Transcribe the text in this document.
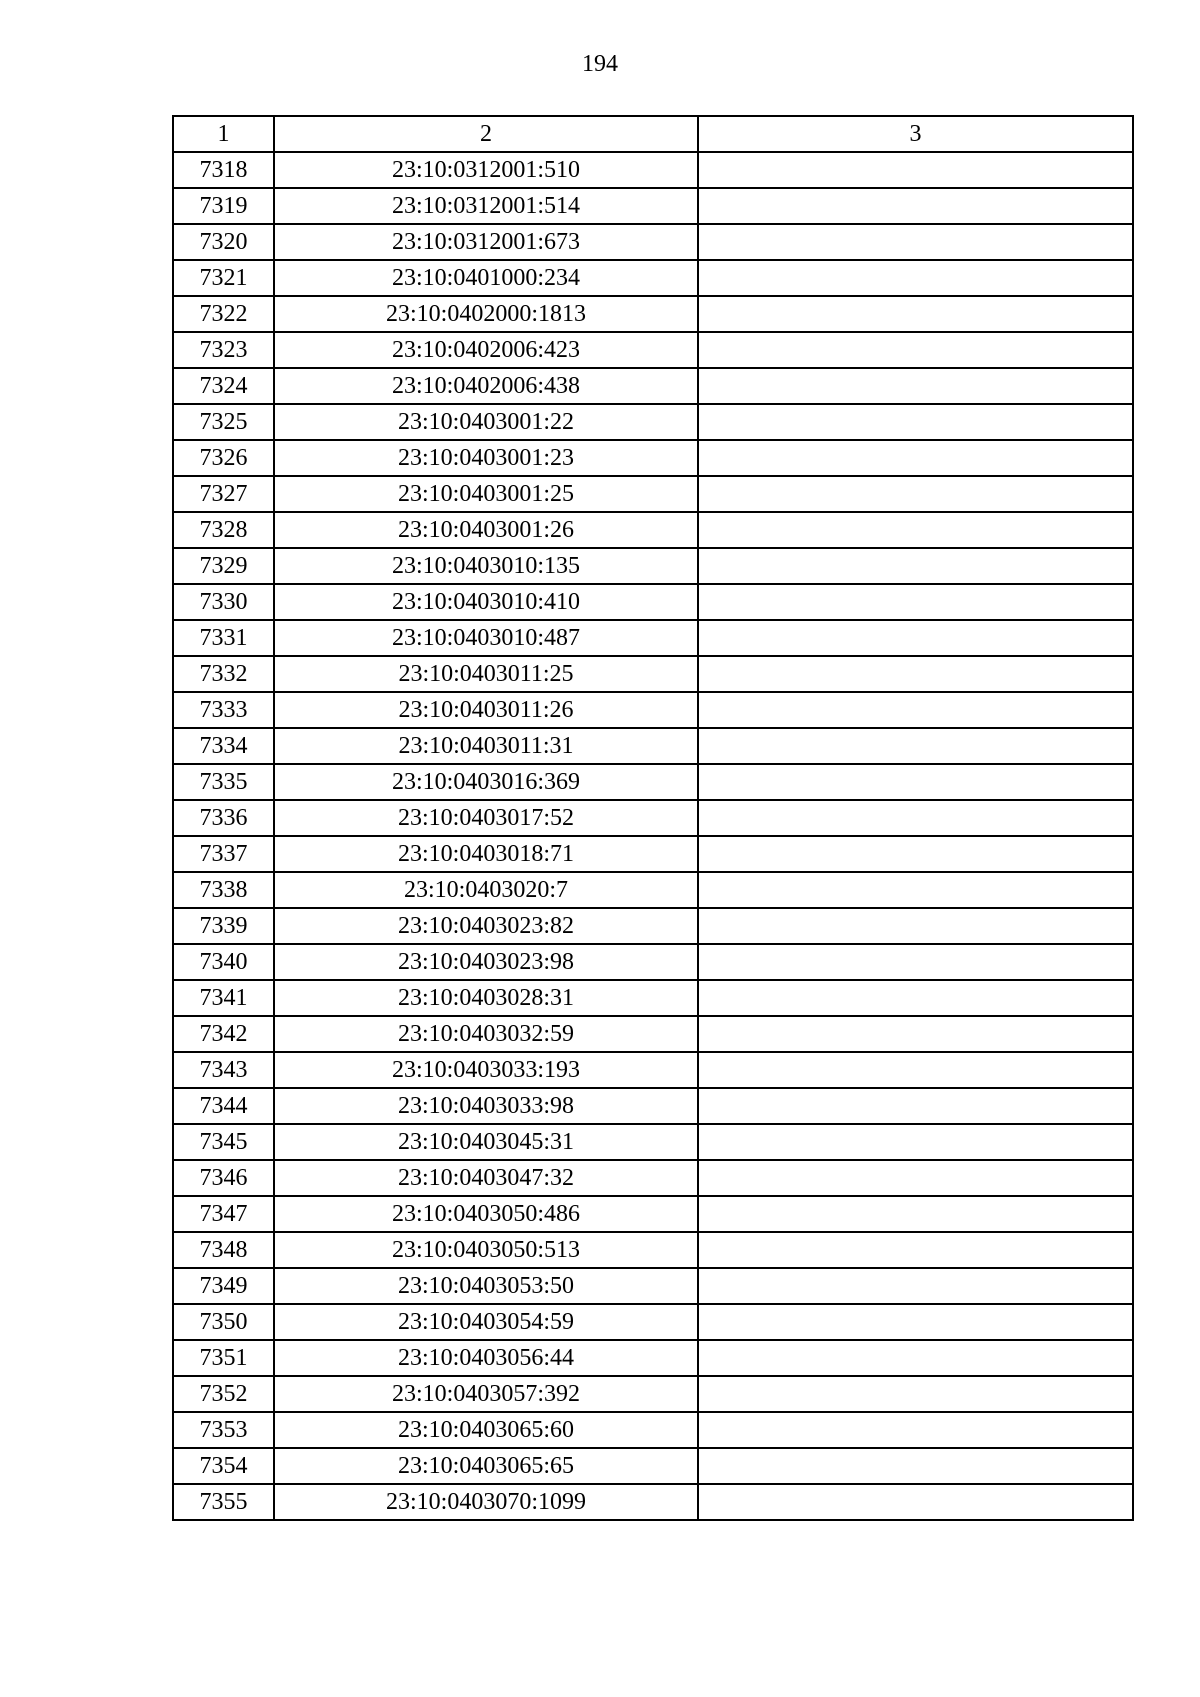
194
1	2	3
7318	23:10:0312001:510	
7319	23:10:0312001:514	
7320	23:10:0312001:673	
7321	23:10:0401000:234	
7322	23:10:0402000:1813	
7323	23:10:0402006:423	
7324	23:10:0402006:438	
7325	23:10:0403001:22	
7326	23:10:0403001:23	
7327	23:10:0403001:25	
7328	23:10:0403001:26	
7329	23:10:0403010:135	
7330	23:10:0403010:410	
7331	23:10:0403010:487	
7332	23:10:0403011:25	
7333	23:10:0403011:26	
7334	23:10:0403011:31	
7335	23:10:0403016:369	
7336	23:10:0403017:52	
7337	23:10:0403018:71	
7338	23:10:0403020:7	
7339	23:10:0403023:82	
7340	23:10:0403023:98	
7341	23:10:0403028:31	
7342	23:10:0403032:59	
7343	23:10:0403033:193	
7344	23:10:0403033:98	
7345	23:10:0403045:31	
7346	23:10:0403047:32	
7347	23:10:0403050:486	
7348	23:10:0403050:513	
7349	23:10:0403053:50	
7350	23:10:0403054:59	
7351	23:10:0403056:44	
7352	23:10:0403057:392	
7353	23:10:0403065:60	
7354	23:10:0403065:65	
7355	23:10:0403070:1099	
